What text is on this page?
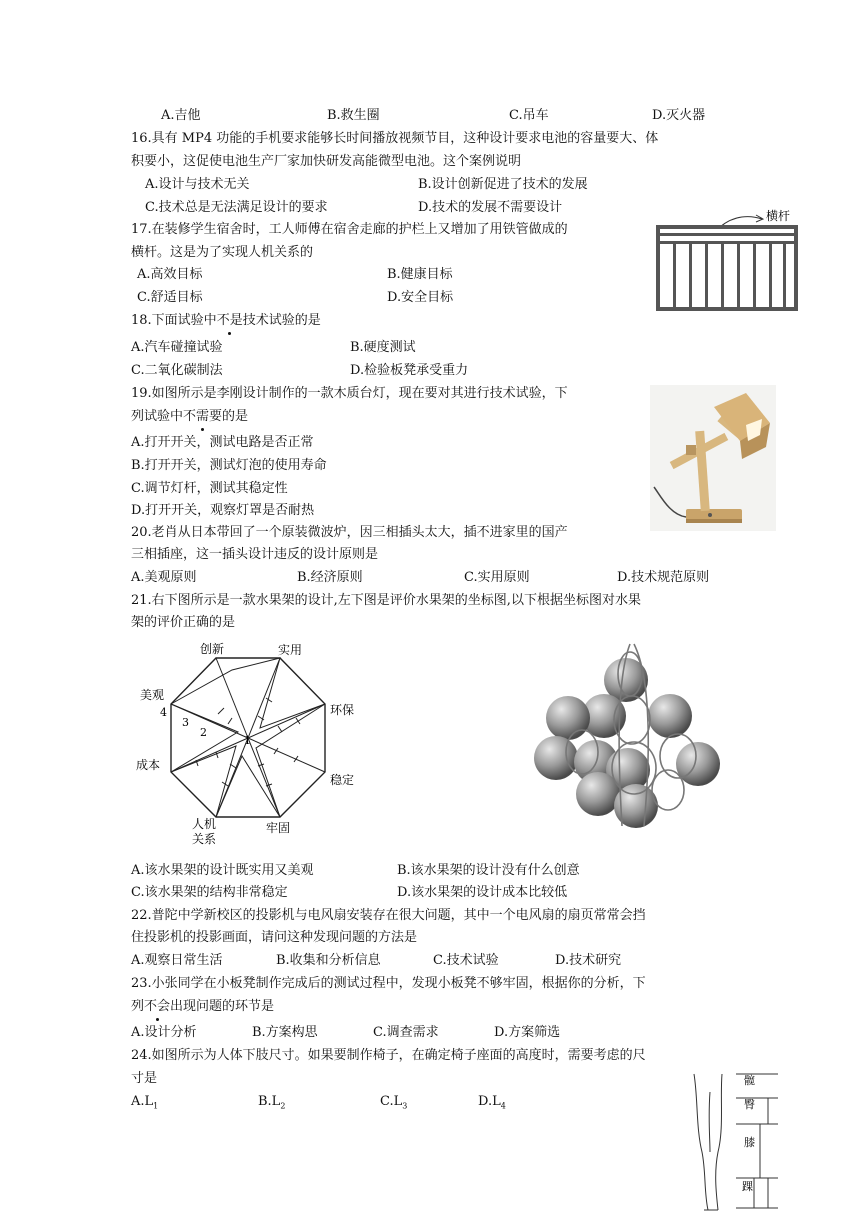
A.吉他	B.救生圈	C.吊车	D.灭火器
16.具有 MP4 功能的手机要求能够长时间播放视频节目，这种设计要求电池的容量要大、体
积要小，这促使电池生产厂家加快研发高能微型电池。这个案例说明
A.设计与技术无关	B.设计创新促进了技术的发展
C.技术总是无法满足设计的要求	D.技术的发展不需要设计
17.在装修学生宿舍时，工人师傅在宿舍走廊的护栏上又增加了用铁管做成的
横杆。这是为了实现人机关系的
A.高效目标	B.健康目标
C.舒适目标	D.安全目标
横杆
18.下面试验中不是技术试验的是
A.汽车碰撞试验	B.硬度测试
C.二氧化碳制法	D.检验板凳承受重力
19.如图所示是李刚设计制作的一款木质台灯，现在要对其进行技术试验，下
列试验中不需要的是
A.打开开关，测试电路是否正常
B.打开开关，测试灯泡的使用寿命
C.调节灯杆，测试其稳定性
D.打开开关，观察灯罩是否耐热
20.老肖从日本带回了一个原装微波炉，因三相插头太大，插不进家里的国产
三相插座，这一插头设计违反的设计原则是
A.美观原则	B.经济原则	C.实用原则	D.技术规范原则
21.右下图所示是一款水果架的设计,左下图是评价水果架的坐标图,以下根据坐标图对水果
架的评价正确的是
创新	实用
环保
稳定
牢固
人机
关系
成本
美观
1
2
3
4
A.该水果架的设计既实用又美观	B.该水果架的设计没有什么创意
C.该水果架的结构非常稳定	D.该水果架的设计成本比较低
22.普陀中学新校区的投影机与电风扇安装存在很大问题，其中一个电风扇的扇页常常会挡
住投影机的投影画面，请问这种发现问题的方法是
A.观察日常生活	B.收集和分析信息	C.技术试验	D.技术研究
23.小张同学在小板凳制作完成后的测试过程中，发现小板凳不够牢固，根据你的分析，下
列不会出现问题的环节是
A.设计分析	B.方案构思	C.调查需求	D.方案筛选
24.如图所示为人体下肢尺寸。如果要制作椅子，在确定椅子座面的高度时，需要考虑的尺
寸是
$A.L_1$	$B.L_2$	$C.L_3$	$D.L_4$
髋
臀
膝
踝
